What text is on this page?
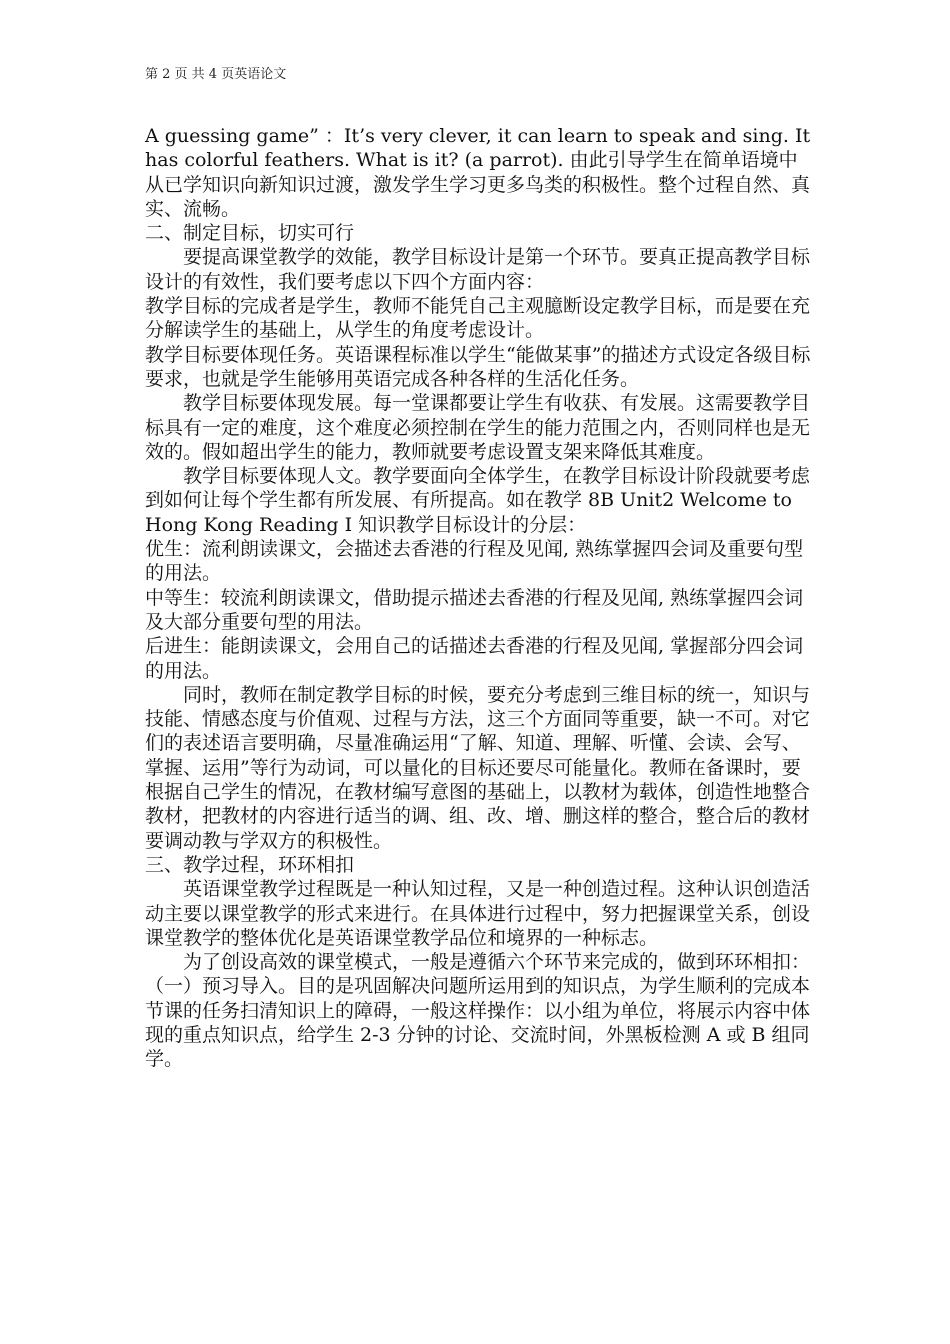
第 2 页 共 4 页英语论文

A guessing game” ：It’s very clever, it can learn to speak and sing. It has colorful feathers. What is it? (a parrot). 由此引导学生在简单语境中从已学知识向新知识过渡，激发学生学习更多鸟类的积极性。整个过程自然、真实、流畅。

二、制定目标，切实可行

要提高课堂教学的效能，教学目标设计是第一个环节。要真正提高教学目标设计的有效性，我们要考虑以下四个方面内容：

教学目标的完成者是学生，教师不能凭自己主观臆断设定教学目标，而是要在充分解读学生的基础上，从学生的角度考虑设计。

教学目标要体现任务。英语课程标准以学生“能做某事”的描述方式设定各级目标要求，也就是学生能够用英语完成各种各样的生活化任务。

教学目标要体现发展。每一堂课都要让学生有收获、有发展。这需要教学目标具有一定的难度，这个难度必须控制在学生的能力范围之内，否则同样也是无效的。假如超出学生的能力，教师就要考虑设置支架来降低其难度。

教学目标要体现人文。教学要面向全体学生，在教学目标设计阶段就要考虑到如何让每个学生都有所发展、有所提高。如在教学 8B Unit2 Welcome to Hong Kong Reading Ⅰ 知识教学目标设计的分层：

优生：流利朗读课文，会描述去香港的行程及见闻, 熟练掌握四会词及重要句型的用法。

中等生：较流利朗读课文，借助提示描述去香港的行程及见闻, 熟练掌握四会词及大部分重要句型的用法。

后进生：能朗读课文，会用自己的话描述去香港的行程及见闻, 掌握部分四会词的用法。

同时，教师在制定教学目标的时候，要充分考虑到三维目标的统一，知识与技能、情感态度与价值观、过程与方法，这三个方面同等重要，缺一不可。对它们的表述语言要明确，尽量准确运用“了解、知道、理解、听懂、会读、会写、掌握、运用”等行为动词，可以量化的目标还要尽可能量化。教师在备课时，要根据自己学生的情况，在教材编写意图的基础上，以教材为载体，创造性地整合教材，把教材的内容进行适当的调、组、改、增、删这样的整合，整合后的教材要调动教与学双方的积极性。

三、教学过程，环环相扣

英语课堂教学过程既是一种认知过程，又是一种创造过程。这种认识创造活动主要以课堂教学的形式来进行。在具体进行过程中，努力把握课堂关系，创设课堂教学的整体优化是英语课堂教学品位和境界的一种标志。

为了创设高效的课堂模式，一般是遵循六个环节来完成的，做到环环相扣：

（一）预习导入。目的是巩固解决问题所运用到的知识点，为学生顺利的完成本节课的任务扫清知识上的障碍，一般这样操作：以小组为单位，将展示内容中体现的重点知识点，给学生 2-3 分钟的讨论、交流时间，外黑板检测 A 或 B 组同学。
